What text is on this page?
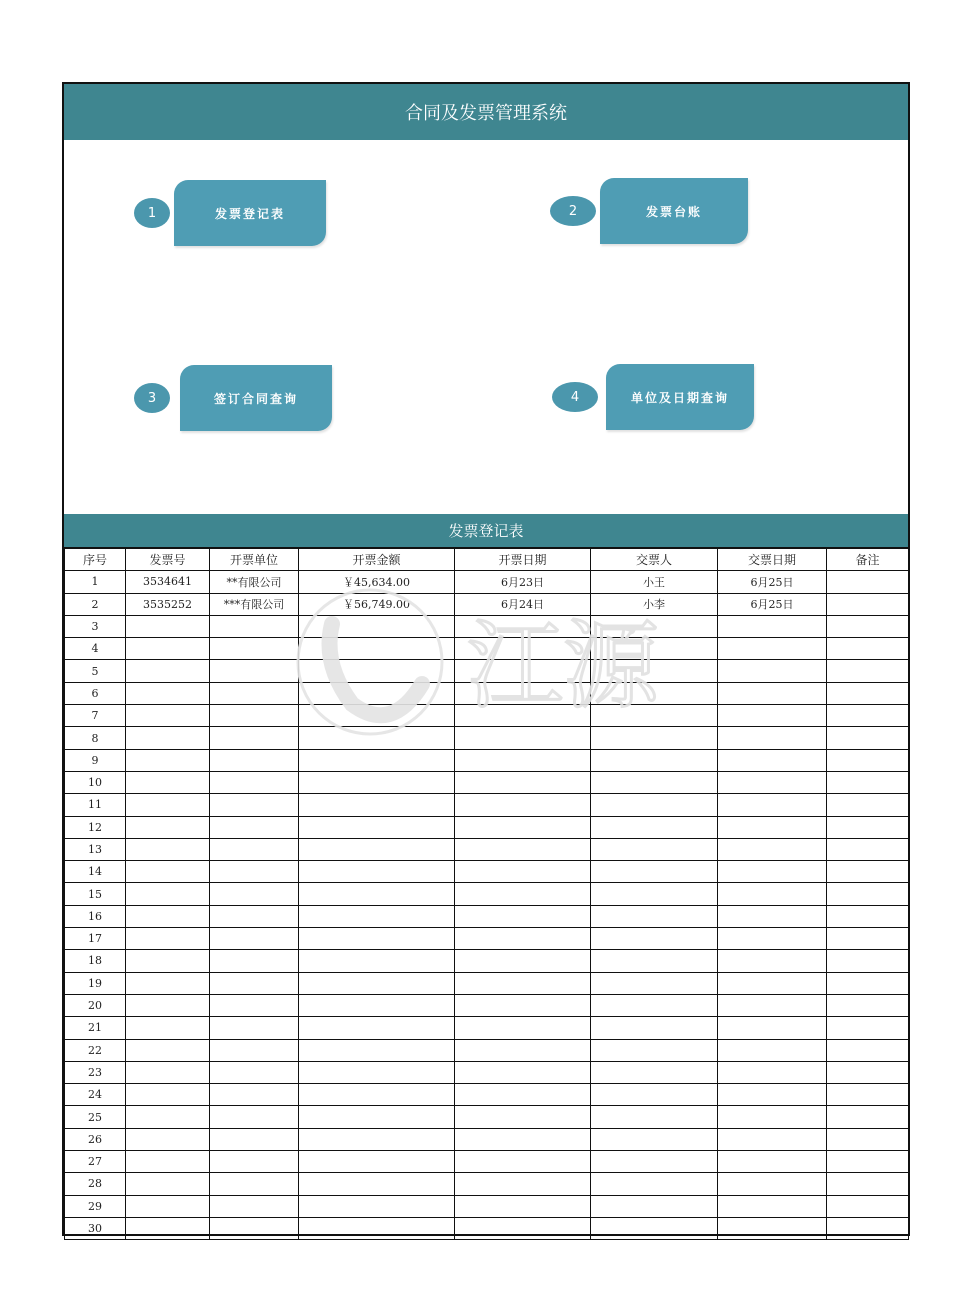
合同及发票管理系统
1	发票登记表	2	发票台账
3	签订合同查询	4	单位及日期查询
发票登记表
序号	发票号	开票单位	开票金额	开票日期	交票人	交票日期	备注
1	3534641	**有限公司	￥45,634.00	6月23日	小王	6月25日	
2	3535252	***有限公司	￥56,749.00	6月24日	小李	6月25日	
3							
4							
5							
6							
7							
8							
9							
10							
11							
12							
13							
14							
15							
16							
17							
18							
19							
20							
21							
22							
23							
24							
25							
26							
27							
28							
29							
30							
江源
